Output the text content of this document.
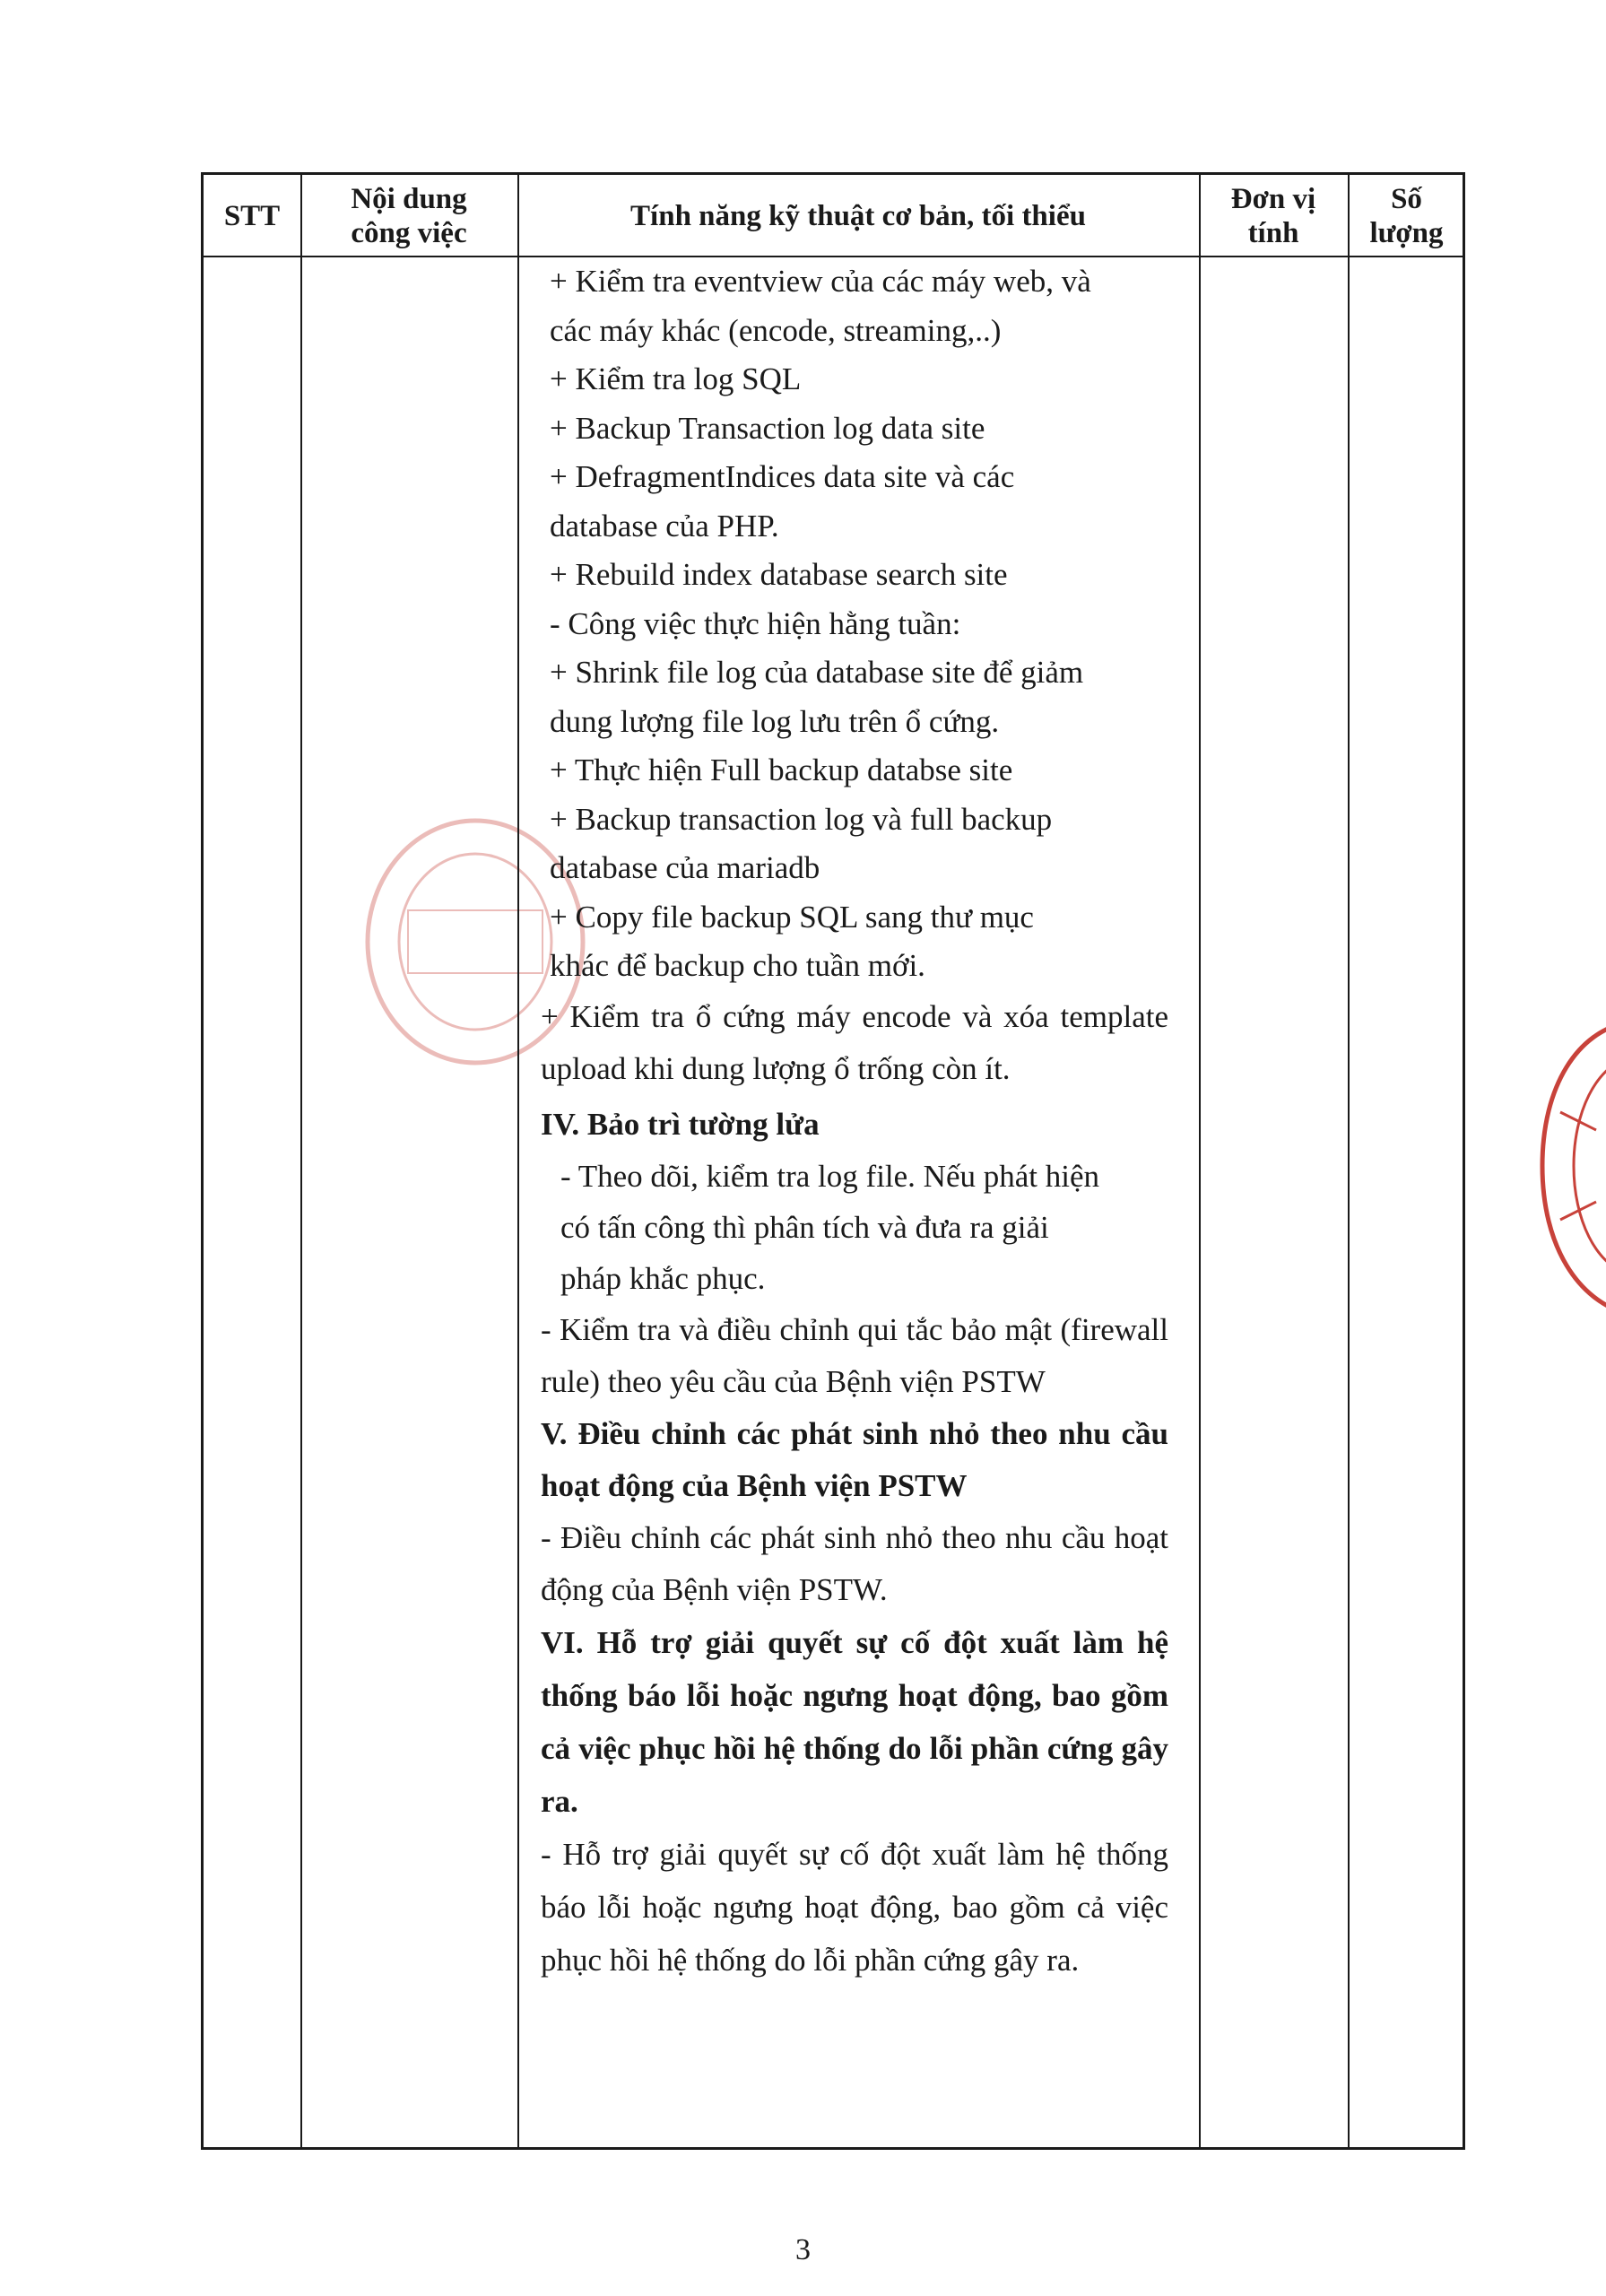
STT
Nội dung
công việc
Tính năng kỹ thuật cơ bản, tối thiểu
Đơn vị
tính
Số
lượng

+ Kiểm tra eventview của các máy web, và

các máy khác (encode, streaming,..)

+ Kiểm tra log SQL

+ Backup Transaction log data site

+ DefragmentIndices data site và các

database của PHP.

+ Rebuild index database search site

- Công việc thực hiện hằng tuần:

+ Shrink file log của database site để giảm

dung lượng file log lưu trên ổ cứng.

+ Thực hiện Full backup databse site

+ Backup transaction log và full backup

database của mariadb

+ Copy file backup SQL sang thư mục

khác để backup cho tuần mới.

+ Kiểm tra ổ cứng máy encode và xóa template upload khi dung lượng ổ trống còn ít.

IV. Bảo trì tường lửa

- Theo dõi, kiểm tra log file. Nếu phát hiện

có tấn công thì phân tích và đưa ra giải

pháp khắc phục.

- Kiểm tra và điều chỉnh qui tắc bảo mật (firewall rule) theo yêu cầu của Bệnh viện PSTW

V. Điều chỉnh các phát sinh nhỏ theo nhu cầu hoạt động của Bệnh viện PSTW

- Điều chỉnh các phát sinh nhỏ theo nhu cầu hoạt động của Bệnh viện PSTW.

VI. Hỗ trợ giải quyết sự cố đột xuất làm hệ thống báo lỗi hoặc ngưng hoạt động, bao gồm cả việc phục hồi hệ thống do lỗi phần cứng gây ra.

- Hỗ trợ giải quyết sự cố đột xuất làm hệ thống báo lỗi hoặc ngưng hoạt động, bao gồm cả việc phục hồi hệ thống do lỗi phần cứng gây ra.

3
